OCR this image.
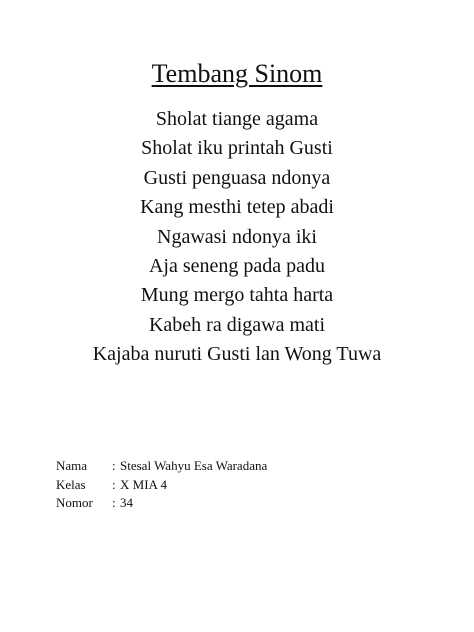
Tembang Sinom
Sholat tiange agama
Sholat iku printah Gusti
Gusti penguasa ndonya
Kang mesthi tetep abadi
Ngawasi ndonya iki
Aja seneng pada padu
Mung mergo tahta harta
Kabeh ra digawa mati
Kajaba nuruti Gusti lan Wong Tuwa
Nama	:	Stesal Wahyu Esa Waradana
Kelas	:	X MIA 4
Nomor	:	34
